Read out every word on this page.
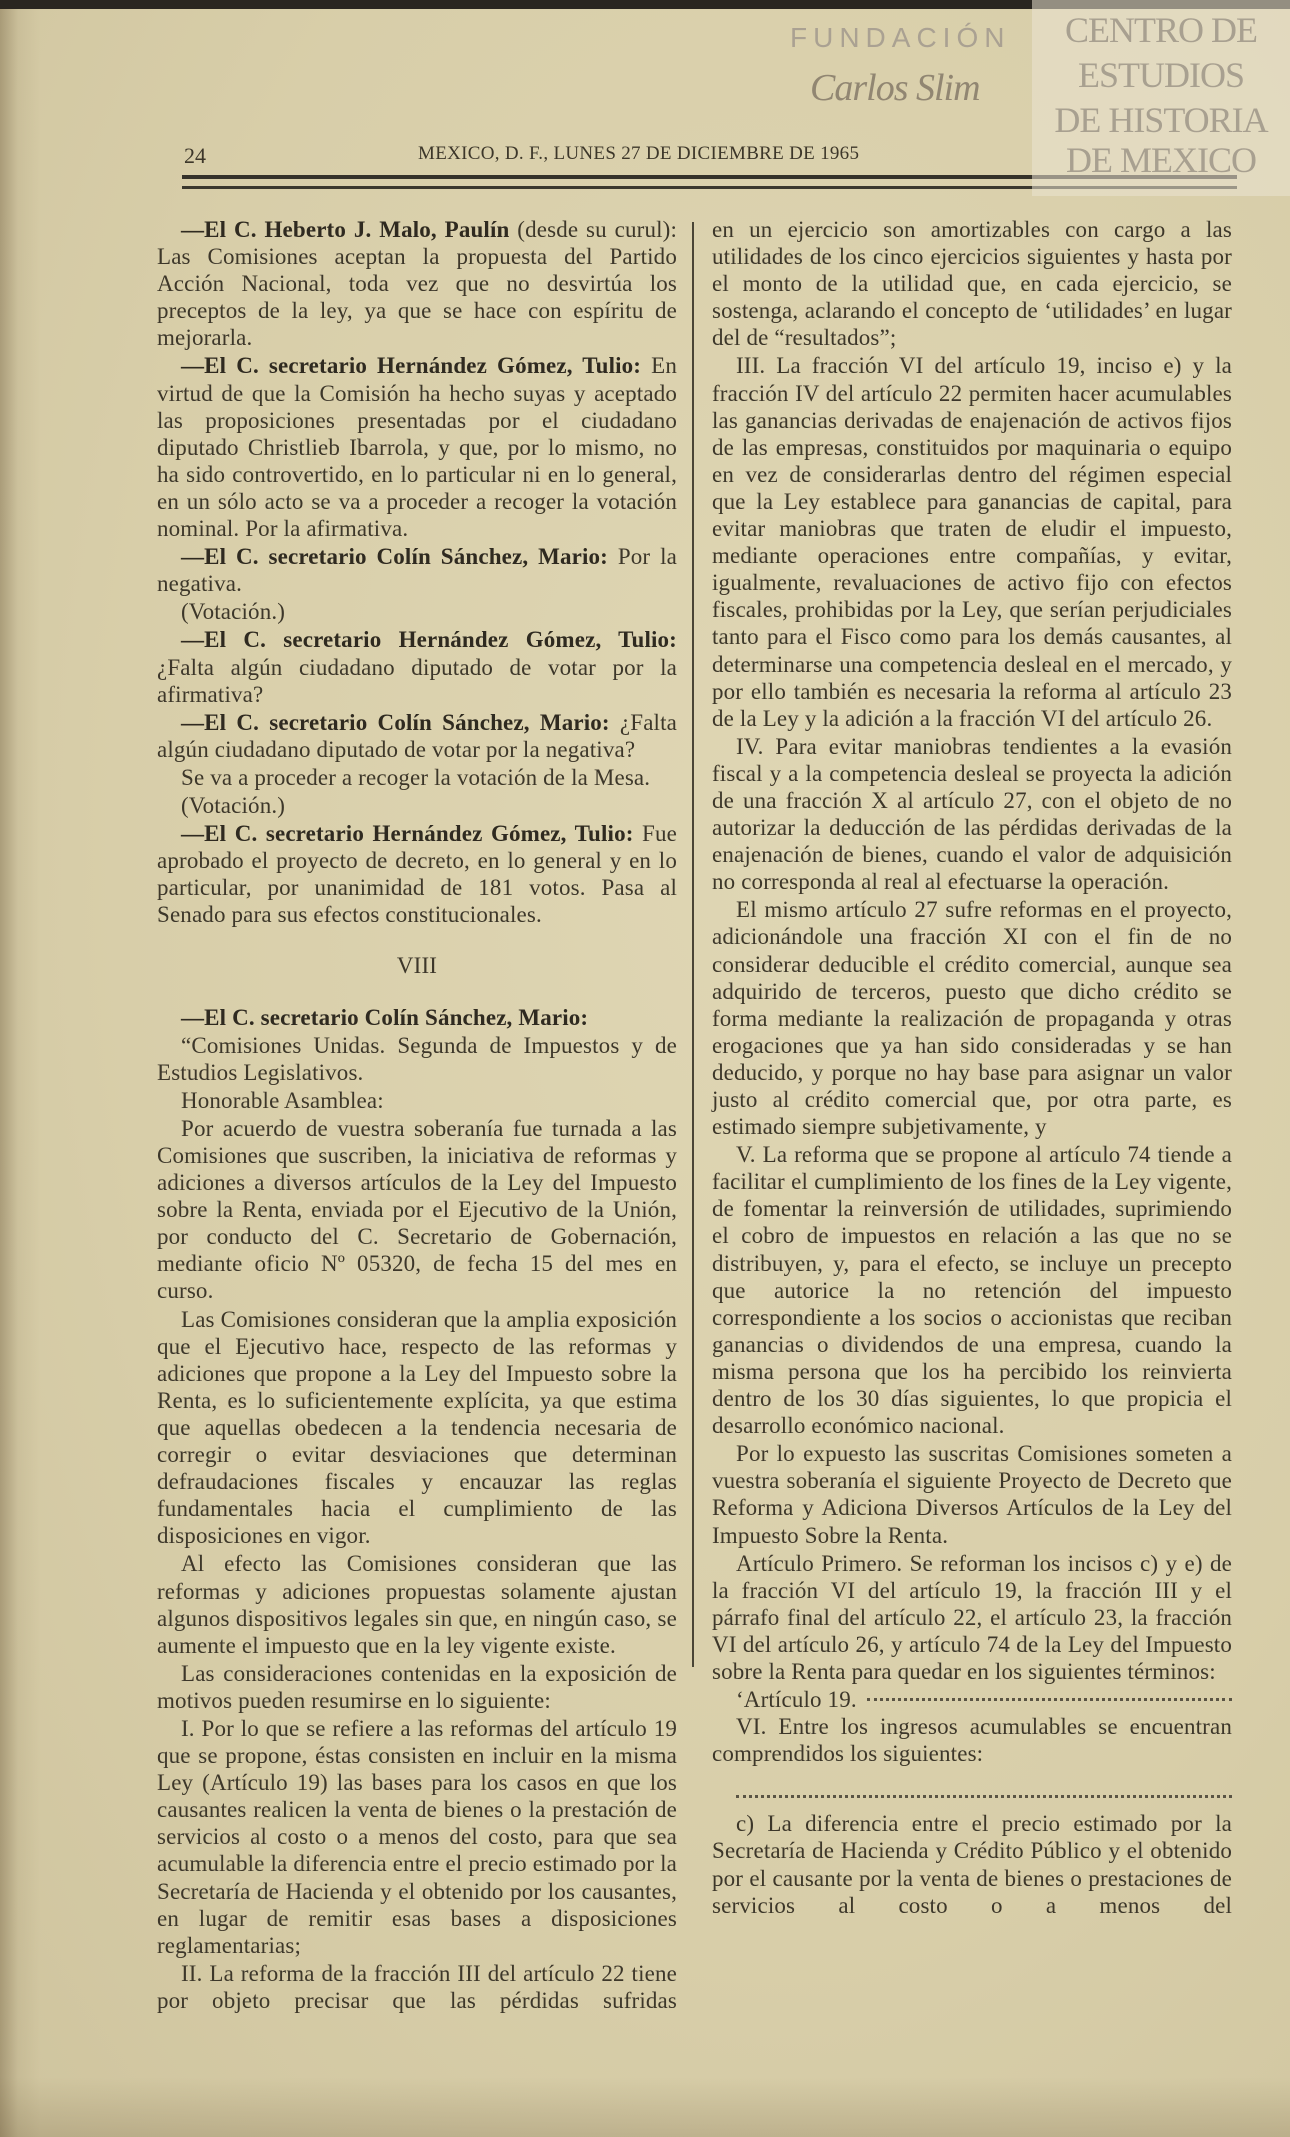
24	MEXICO, D. F., LUNES 27 DE DICIEMBRE DE 1965
CENTRO DE
ESTUDIOS
DE HISTORIA
DE MEXICO
FUNDACIÓN
Carlos Slim

—El C. Heberto J. Malo, Paulín (desde su curul): Las Comisiones aceptan la propuesta del Partido Acción Nacional, toda vez que no desvirtúa los preceptos de la ley, ya que se hace con espíritu de mejorarla.

—El C. secretario Hernández Gómez, Tulio: En virtud de que la Comisión ha hecho suyas y aceptado las proposiciones presentadas por el ciudadano diputado Christlieb Ibarrola, y que, por lo mismo, no ha sido controvertido, en lo particular ni en lo general, en un sólo acto se va a proceder a recoger la votación nominal. Por la afirmativa.

—El C. secretario Colín Sánchez, Mario: Por la negativa.

(Votación.)

—El C. secretario Hernández Gómez, Tulio: ¿Falta algún ciudadano diputado de votar por la afirmativa?

—El C. secretario Colín Sánchez, Mario: ¿Falta algún ciudadano diputado de votar por la negativa?

Se va a proceder a recoger la votación de la Mesa.

(Votación.)

—El C. secretario Hernández Gómez, Tulio: Fue aprobado el proyecto de decreto, en lo general y en lo particular, por unanimidad de 181 votos. Pasa al Senado para sus efectos constitucionales.

VIII

—El C. secretario Colín Sánchez, Mario:

“Comisiones Unidas. Segunda de Impuestos y de Estudios Legislativos.

Honorable Asamblea:

Por acuerdo de vuestra soberanía fue turnada a las Comisiones que suscriben, la iniciativa de reformas y adiciones a diversos artículos de la Ley del Impuesto sobre la Renta, enviada por el Ejecutivo de la Unión, por conducto del C. Secretario de Gobernación, mediante oficio Nº 05320, de fecha 15 del mes en curso.

Las Comisiones consideran que la amplia exposición que el Ejecutivo hace, respecto de las reformas y adiciones que propone a la Ley del Impuesto sobre la Renta, es lo suficientemente explícita, ya que estima que aquellas obedecen a la tendencia necesaria de corregir o evitar desviaciones que determinan defraudaciones fiscales y encauzar las reglas fundamentales hacia el cumplimiento de las disposiciones en vigor.

Al efecto las Comisiones consideran que las reformas y adiciones propuestas solamente ajustan algunos dispositivos legales sin que, en ningún caso, se aumente el impuesto que en la ley vigente existe.

Las consideraciones contenidas en la exposición de motivos pueden resumirse en lo siguiente:

I. Por lo que se refiere a las reformas del artículo 19 que se propone, éstas consisten en incluir en la misma Ley (Artículo 19) las bases para los casos en que los causantes realicen la venta de bienes o la prestación de servicios al costo o a menos del costo, para que sea acumulable la diferencia entre el precio estimado por la Secretaría de Hacienda y el obtenido por los causantes, en lugar de remitir esas bases a disposiciones reglamentarias;

II. La reforma de la fracción III del artículo 22 tiene por objeto precisar que las pérdidas sufridas

en un ejercicio son amortizables con cargo a las utilidades de los cinco ejercicios siguientes y hasta por el monto de la utilidad que, en cada ejercicio, se sostenga, aclarando el concepto de ‘utilidades’ en lugar del de “resultados”;

III. La fracción VI del artículo 19, inciso e) y la fracción IV del artículo 22 permiten hacer acumulables las ganancias derivadas de enajenación de activos fijos de las empresas, constituidos por maquinaria o equipo en vez de considerarlas dentro del régimen especial que la Ley establece para ganancias de capital, para evitar maniobras que traten de eludir el impuesto, mediante operaciones entre compañías, y evitar, igualmente, revaluaciones de activo fijo con efectos fiscales, prohibidas por la Ley, que serían perjudiciales tanto para el Fisco como para los demás causantes, al determinarse una competencia desleal en el mercado, y por ello también es necesaria la reforma al artículo 23 de la Ley y la adición a la fracción VI del artículo 26.

IV. Para evitar maniobras tendientes a la evasión fiscal y a la competencia desleal se proyecta la adición de una fracción X al artículo 27, con el objeto de no autorizar la deducción de las pérdidas derivadas de la enajenación de bienes, cuando el valor de adquisición no corresponda al real al efectuarse la operación.

El mismo artículo 27 sufre reformas en el proyecto, adicionándole una fracción XI con el fin de no considerar deducible el crédito comercial, aunque sea adquirido de terceros, puesto que dicho crédito se forma mediante la realización de propaganda y otras erogaciones que ya han sido consideradas y se han deducido, y porque no hay base para asignar un valor justo al crédito comercial que, por otra parte, es estimado siempre subjetivamente, y

V. La reforma que se propone al artículo 74 tiende a facilitar el cumplimiento de los fines de la Ley vigente, de fomentar la reinversión de utilidades, suprimiendo el cobro de impuestos en relación a las que no se distribuyen, y, para el efecto, se incluye un precepto que autorice la no retención del impuesto correspondiente a los socios o accionistas que reciban ganancias o dividendos de una empresa, cuando la misma persona que los ha percibido los reinvierta dentro de los 30 días siguientes, lo que propicia el desarrollo económico nacional.

Por lo expuesto las suscritas Comisiones someten a vuestra soberanía el siguiente Proyecto de Decreto que Reforma y Adiciona Diversos Artículos de la Ley del Impuesto Sobre la Renta.

Artículo Primero. Se reforman los incisos c) y e) de la fracción VI del artículo 19, la fracción III y el párrafo final del artículo 22, el artículo 23, la fracción VI del artículo 26, y artículo 74 de la Ley del Impuesto sobre la Renta para quedar en los siguientes términos:

‘Artículo 19.

VI. Entre los ingresos acumulables se encuentran comprendidos los siguientes:

c) La diferencia entre el precio estimado por la Secretaría de Hacienda y Crédito Público y el obtenido por el causante por la venta de bienes o prestaciones de servicios al costo o a menos del
